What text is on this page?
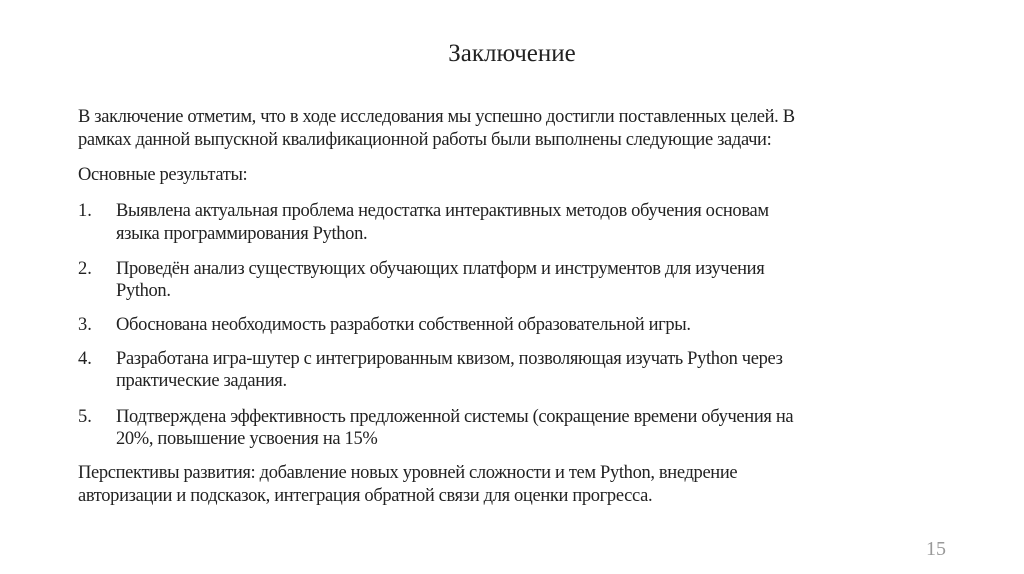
Заключение
В заключение отметим, что в ходе исследования мы успешно достигли поставленных целей. В
рамках данной выпускной квалификационной работы были выполнены следующие задачи:
Основные результаты:
1. Выявлена актуальная проблема недостатка интерактивных методов обучения основам
языка программирования Python.
2. Проведён анализ существующих обучающих платформ и инструментов для изучения
Python.
3. Обоснована необходимость разработки собственной образовательной игры.
4. Разработана игра-шутер с интегрированным квизом, позволяющая изучать Python через
практические задания.
5. Подтверждена эффективность предложенной системы (сокращение времени обучения на
20%, повышение усвоения на 15%
Перспективы развития: добавление новых уровней сложности и тем Python, внедрение
авторизации и подсказок, интеграция обратной связи для оценки прогресса.
15
